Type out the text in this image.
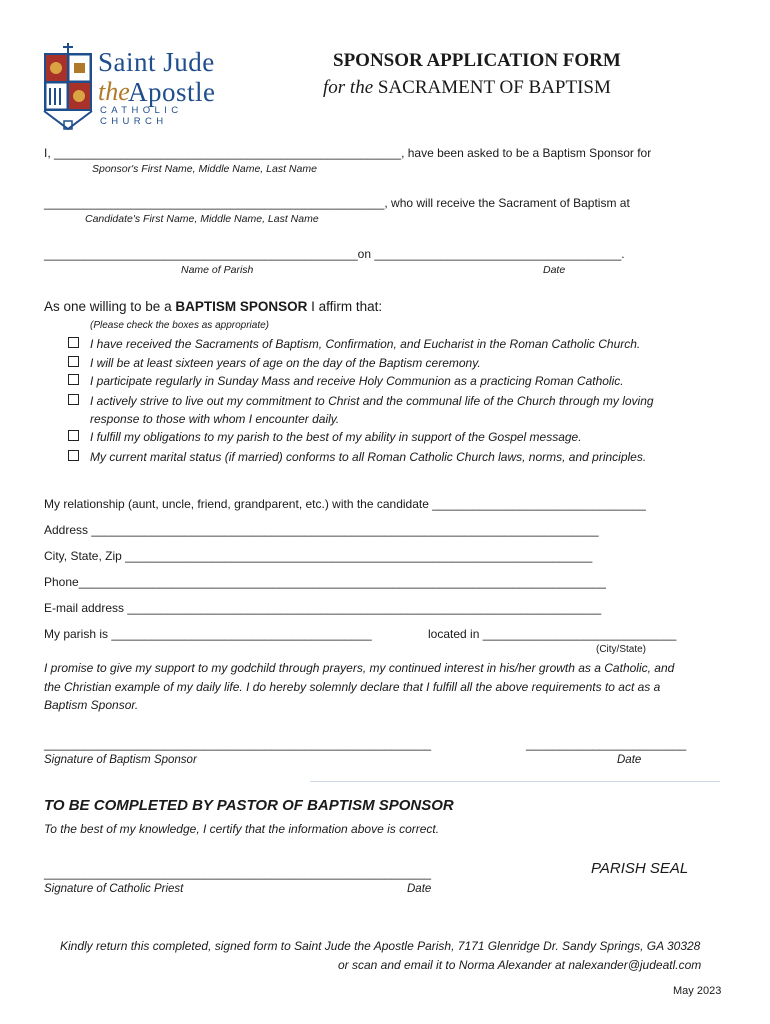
Saint Jude
the
Apostle
CATHOLIC CHURCH
SPONSOR APPLICATION FORM
for the SACRAMENT OF BAPTISM
I, ____________________________________________________, have been asked to be a Baptism Sponsor for
Sponsor's First Name, Middle Name, Last Name
___________________________________________________, who will receive the Sacrament of Baptism at
Candidate's First Name, Middle Name, Last Name
_______________________________________________on _____________________________________.
Name of Parish	Date
As one willing to be a BAPTISM SPONSOR I affirm that:
(Please check the boxes as appropriate)
I have received the Sacraments of Baptism, Confirmation, and Eucharist in the Roman Catholic Church.
I will be at least sixteen years of age on the day of the Baptism ceremony.
I participate regularly in Sunday Mass and receive Holy Communion as a practicing Roman Catholic.
I actively strive to live out my commitment to Christ and the communal life of the Church through my loving
response to those with whom I encounter daily.
I fulfill my obligations to my parish to the best of my ability in support of the Gospel message.
My current marital status (if married) conforms to all Roman Catholic Church laws, norms, and principles.
My relationship (aunt, uncle, friend, grandparent, etc.) with the candidate ________________________________
Address ____________________________________________________________________________
City, State, Zip ______________________________________________________________________
Phone_______________________________________________________________________________
E-mail address _______________________________________________________________________
My parish is _______________________________________	located in _____________________________
(City/State)
I promise to give my support to my godchild through prayers, my continued interest in his/her growth as a Catholic, and
the Christian example of my daily life. I do hereby solemnly declare that I fulfill all the above requirements to act as a
Baptism Sponsor.
__________________________________________________________	________________________
Signature of Baptism Sponsor	Date
TO BE COMPLETED BY PASTOR OF BAPTISM SPONSOR
To the best of my knowledge, I certify that the information above is correct.
__________________________________________________________	PARISH SEAL
Signature of Catholic Priest	Date
Kindly return this completed, signed form to Saint Jude the Apostle Parish, 7171 Glenridge Dr. Sandy Springs, GA 30328
or scan and email it to Norma Alexander at nalexander@judeatl.com
May 2023
